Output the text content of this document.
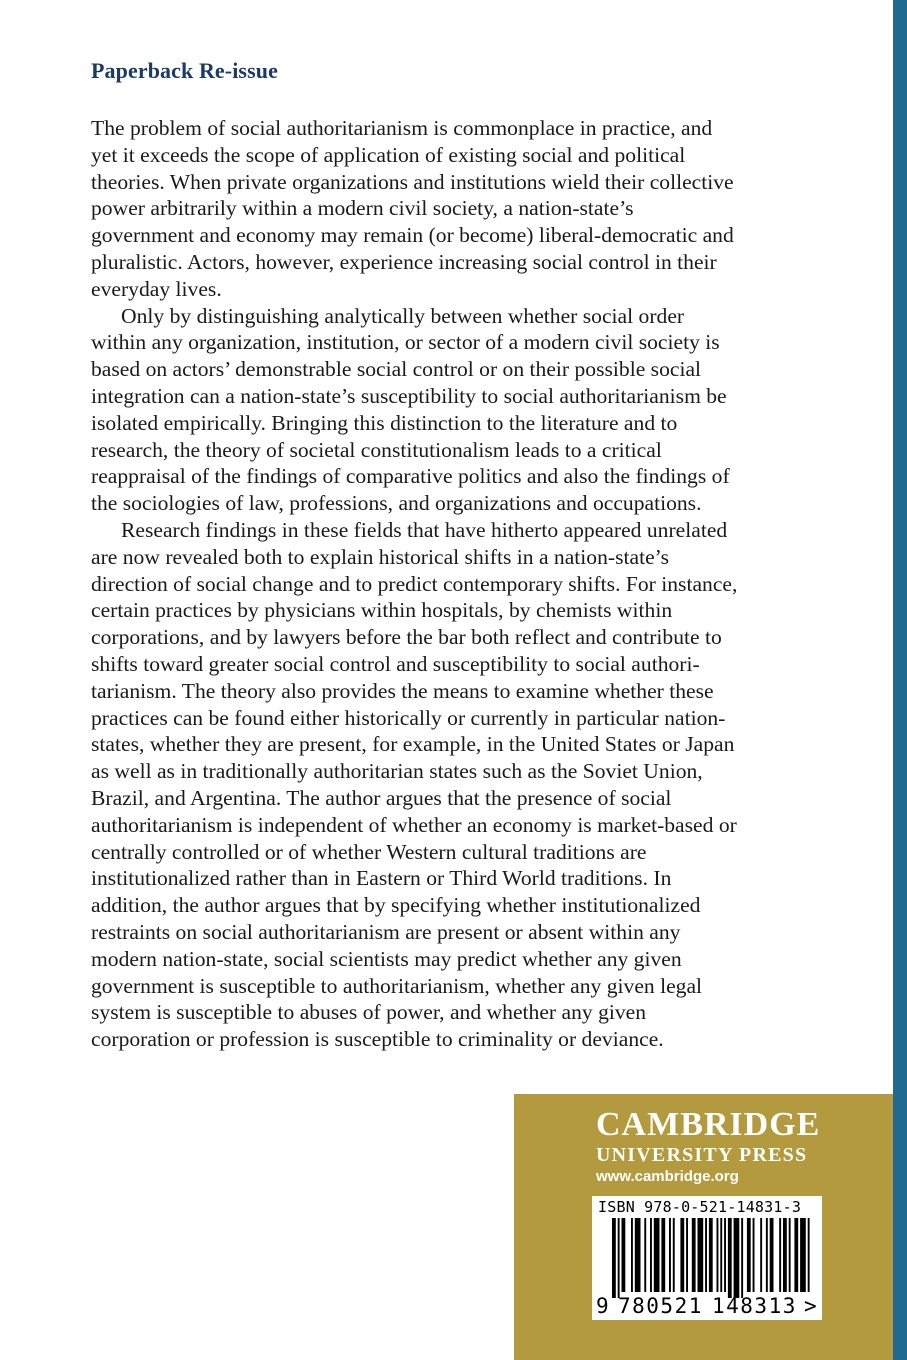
Paperback Re-issue

The problem of social authoritarianism is commonplace in practice, and
yet it exceeds the scope of application of existing social and political
theories. When private organizations and institutions wield their collective
power arbitrarily within a modern civil society, a nation-state’s
government and economy may remain (or become) liberal-democratic and
pluralistic. Actors, however, experience increasing social control in their
everyday lives.

Only by distinguishing analytically between whether social order
within any organization, institution, or sector of a modern civil society is
based on actors’ demonstrable social control or on their possible social
integration can a nation-state’s susceptibility to social authoritarianism be
isolated empirically. Bringing this distinction to the literature and to
research, the theory of societal constitutionalism leads to a critical
reappraisal of the findings of comparative politics and also the findings of
the sociologies of law, professions, and organizations and occupations.

Research findings in these fields that have hitherto appeared unrelated
are now revealed both to explain historical shifts in a nation-state’s
direction of social change and to predict contemporary shifts. For instance,
certain practices by physicians within hospitals, by chemists within
corporations, and by lawyers before the bar both reflect and contribute to
shifts toward greater social control and susceptibility to social authori-
tarianism. The theory also provides the means to examine whether these
practices can be found either historically or currently in particular nation-
states, whether they are present, for example, in the United States or Japan
as well as in traditionally authoritarian states such as the Soviet Union,
Brazil, and Argentina. The author argues that the presence of social
authoritarianism is independent of whether an economy is market-based or
centrally controlled or of whether Western cultural traditions are
institutionalized rather than in Eastern or Third World traditions. In
addition, the author argues that by specifying whether institutionalized
restraints on social authoritarianism are present or absent within any
modern nation-state, social scientists may predict whether any given
government is susceptible to authoritarianism, whether any given legal
system is susceptible to abuses of power, and whether any given
corporation or profession is susceptible to criminality or deviance.

CAMBRIDGE
UNIVERSITY PRESS
www.cambridge.org
ISBN 978-0-521-14831-3
9 780521 148313 >
